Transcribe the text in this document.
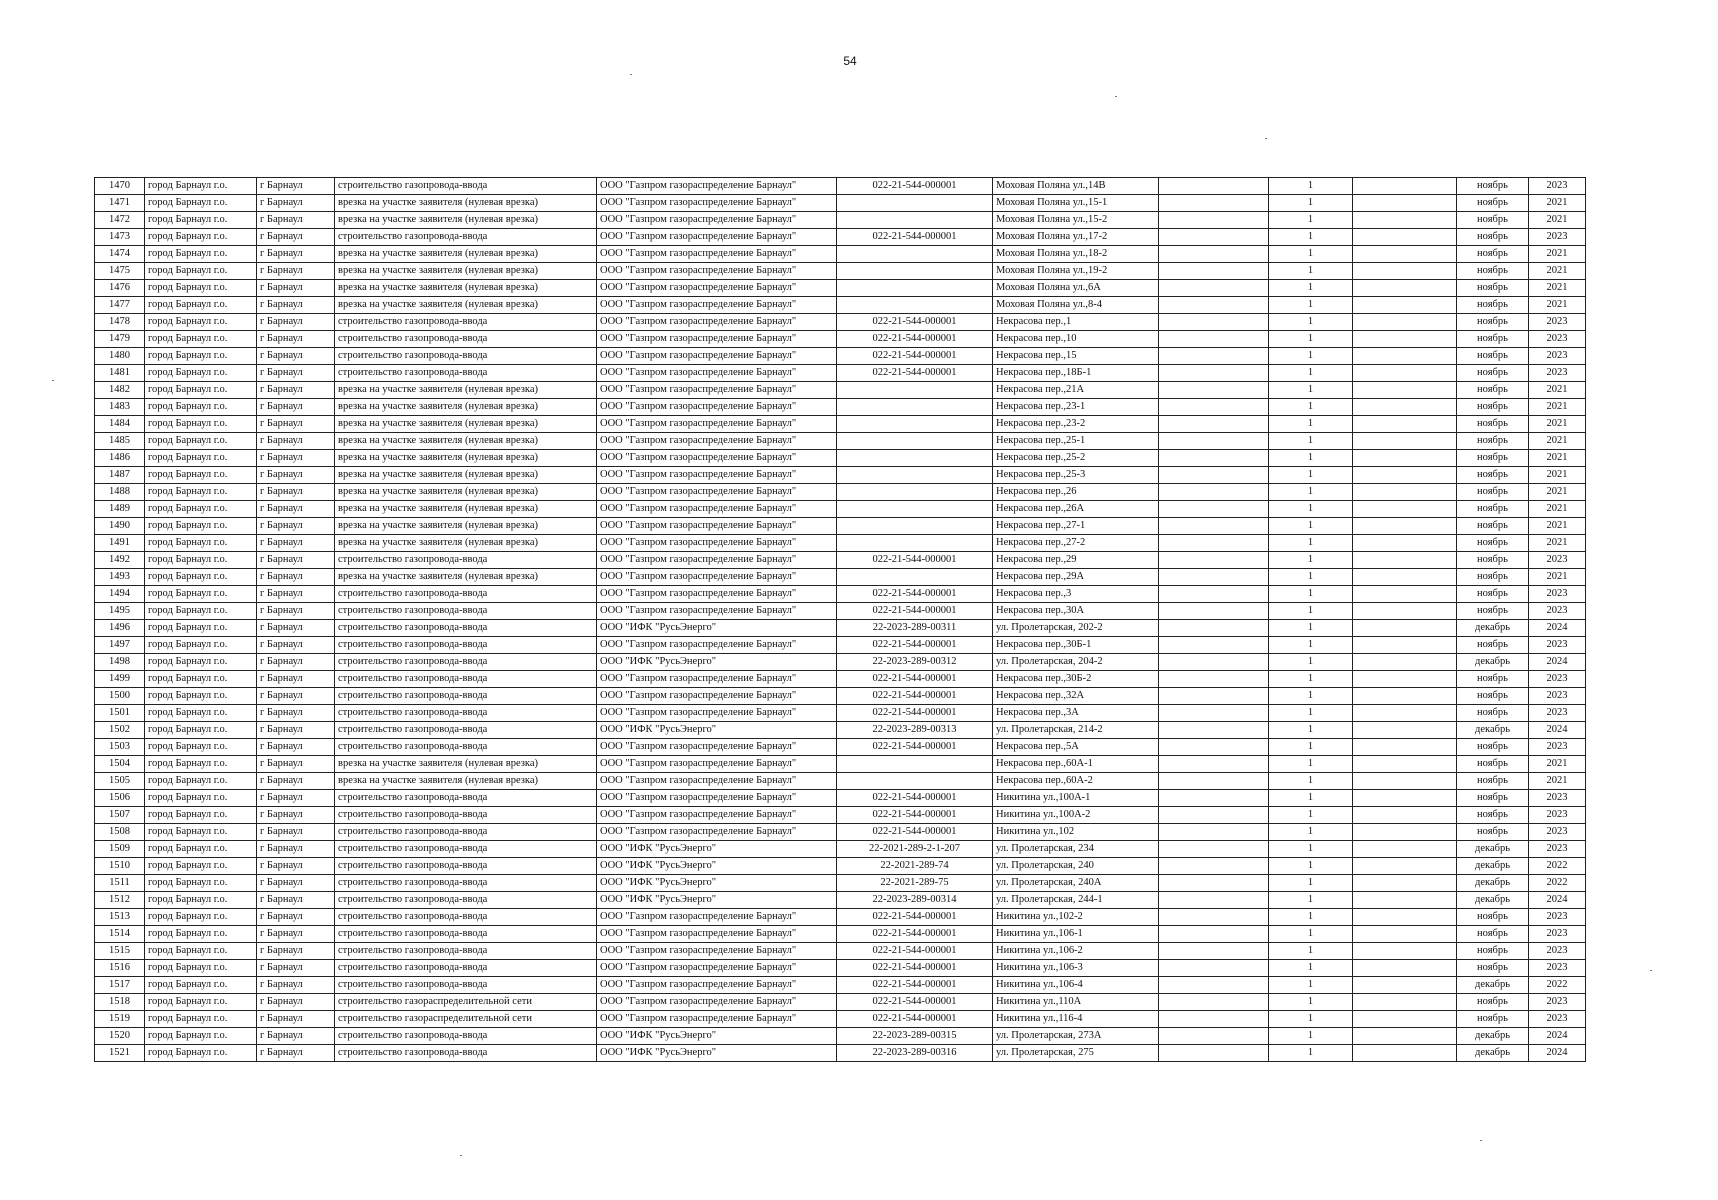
54
1470	город Барнаул г.о.	г Барнаул	строительство газопровода-ввода	ООО "Газпром газораспределение Барнаул"	022-21-544-000001	Моховая Поляна ул.,14В		1		ноябрь	2023
1471	город Барнаул г.о.	г Барнаул	врезка на участке заявителя (нулевая врезка)	ООО "Газпром газораспределение Барнаул"		Моховая Поляна ул.,15-1		1		ноябрь	2021
1472	город Барнаул г.о.	г Барнаул	врезка на участке заявителя (нулевая врезка)	ООО "Газпром газораспределение Барнаул"		Моховая Поляна ул.,15-2		1		ноябрь	2021
1473	город Барнаул г.о.	г Барнаул	строительство газопровода-ввода	ООО "Газпром газораспределение Барнаул"	022-21-544-000001	Моховая Поляна ул.,17-2		1		ноябрь	2023
1474	город Барнаул г.о.	г Барнаул	врезка на участке заявителя (нулевая врезка)	ООО "Газпром газораспределение Барнаул"		Моховая Поляна ул.,18-2		1		ноябрь	2021
1475	город Барнаул г.о.	г Барнаул	врезка на участке заявителя (нулевая врезка)	ООО "Газпром газораспределение Барнаул"		Моховая Поляна ул.,19-2		1		ноябрь	2021
1476	город Барнаул г.о.	г Барнаул	врезка на участке заявителя (нулевая врезка)	ООО "Газпром газораспределение Барнаул"		Моховая Поляна ул.,6А		1		ноябрь	2021
1477	город Барнаул г.о.	г Барнаул	врезка на участке заявителя (нулевая врезка)	ООО "Газпром газораспределение Барнаул"		Моховая Поляна ул.,8-4		1		ноябрь	2021
1478	город Барнаул г.о.	г Барнаул	строительство газопровода-ввода	ООО "Газпром газораспределение Барнаул"	022-21-544-000001	Некрасова пер.,1		1		ноябрь	2023
1479	город Барнаул г.о.	г Барнаул	строительство газопровода-ввода	ООО "Газпром газораспределение Барнаул"	022-21-544-000001	Некрасова пер.,10		1		ноябрь	2023
1480	город Барнаул г.о.	г Барнаул	строительство газопровода-ввода	ООО "Газпром газораспределение Барнаул"	022-21-544-000001	Некрасова пер.,15		1		ноябрь	2023
1481	город Барнаул г.о.	г Барнаул	строительство газопровода-ввода	ООО "Газпром газораспределение Барнаул"	022-21-544-000001	Некрасова пер.,18Б-1		1		ноябрь	2023
1482	город Барнаул г.о.	г Барнаул	врезка на участке заявителя (нулевая врезка)	ООО "Газпром газораспределение Барнаул"		Некрасова пер.,21А		1		ноябрь	2021
1483	город Барнаул г.о.	г Барнаул	врезка на участке заявителя (нулевая врезка)	ООО "Газпром газораспределение Барнаул"		Некрасова пер.,23-1		1		ноябрь	2021
1484	город Барнаул г.о.	г Барнаул	врезка на участке заявителя (нулевая врезка)	ООО "Газпром газораспределение Барнаул"		Некрасова пер.,23-2		1		ноябрь	2021
1485	город Барнаул г.о.	г Барнаул	врезка на участке заявителя (нулевая врезка)	ООО "Газпром газораспределение Барнаул"		Некрасова пер.,25-1		1		ноябрь	2021
1486	город Барнаул г.о.	г Барнаул	врезка на участке заявителя (нулевая врезка)	ООО "Газпром газораспределение Барнаул"		Некрасова пер.,25-2		1		ноябрь	2021
1487	город Барнаул г.о.	г Барнаул	врезка на участке заявителя (нулевая врезка)	ООО "Газпром газораспределение Барнаул"		Некрасова пер.,25-3		1		ноябрь	2021
1488	город Барнаул г.о.	г Барнаул	врезка на участке заявителя (нулевая врезка)	ООО "Газпром газораспределение Барнаул"		Некрасова пер.,26		1		ноябрь	2021
1489	город Барнаул г.о.	г Барнаул	врезка на участке заявителя (нулевая врезка)	ООО "Газпром газораспределение Барнаул"		Некрасова пер.,26А		1		ноябрь	2021
1490	город Барнаул г.о.	г Барнаул	врезка на участке заявителя (нулевая врезка)	ООО "Газпром газораспределение Барнаул"		Некрасова пер.,27-1		1		ноябрь	2021
1491	город Барнаул г.о.	г Барнаул	врезка на участке заявителя (нулевая врезка)	ООО "Газпром газораспределение Барнаул"		Некрасова пер.,27-2		1		ноябрь	2021
1492	город Барнаул г.о.	г Барнаул	строительство газопровода-ввода	ООО "Газпром газораспределение Барнаул"	022-21-544-000001	Некрасова пер.,29		1		ноябрь	2023
1493	город Барнаул г.о.	г Барнаул	врезка на участке заявителя (нулевая врезка)	ООО "Газпром газораспределение Барнаул"		Некрасова пер.,29А		1		ноябрь	2021
1494	город Барнаул г.о.	г Барнаул	строительство газопровода-ввода	ООО "Газпром газораспределение Барнаул"	022-21-544-000001	Некрасова пер.,3		1		ноябрь	2023
1495	город Барнаул г.о.	г Барнаул	строительство газопровода-ввода	ООО "Газпром газораспределение Барнаул"	022-21-544-000001	Некрасова пер.,30А		1		ноябрь	2023
1496	город Барнаул г.о.	г Барнаул	строительство газопровода-ввода	ООО "ИФК "РусьЭнерго"	22-2023-289-00311	ул. Пролетарская, 202-2		1		декабрь	2024
1497	город Барнаул г.о.	г Барнаул	строительство газопровода-ввода	ООО "Газпром газораспределение Барнаул"	022-21-544-000001	Некрасова пер.,30Б-1		1		ноябрь	2023
1498	город Барнаул г.о.	г Барнаул	строительство газопровода-ввода	ООО "ИФК "РусьЭнерго"	22-2023-289-00312	ул. Пролетарская, 204-2		1		декабрь	2024
1499	город Барнаул г.о.	г Барнаул	строительство газопровода-ввода	ООО "Газпром газораспределение Барнаул"	022-21-544-000001	Некрасова пер.,30Б-2		1		ноябрь	2023
1500	город Барнаул г.о.	г Барнаул	строительство газопровода-ввода	ООО "Газпром газораспределение Барнаул"	022-21-544-000001	Некрасова пер.,32А		1		ноябрь	2023
1501	город Барнаул г.о.	г Барнаул	строительство газопровода-ввода	ООО "Газпром газораспределение Барнаул"	022-21-544-000001	Некрасова пер.,3А		1		ноябрь	2023
1502	город Барнаул г.о.	г Барнаул	строительство газопровода-ввода	ООО "ИФК "РусьЭнерго"	22-2023-289-00313	ул. Пролетарская, 214-2		1		декабрь	2024
1503	город Барнаул г.о.	г Барнаул	строительство газопровода-ввода	ООО "Газпром газораспределение Барнаул"	022-21-544-000001	Некрасова пер.,5А		1		ноябрь	2023
1504	город Барнаул г.о.	г Барнаул	врезка на участке заявителя (нулевая врезка)	ООО "Газпром газораспределение Барнаул"		Некрасова пер.,60А-1		1		ноябрь	2021
1505	город Барнаул г.о.	г Барнаул	врезка на участке заявителя (нулевая врезка)	ООО "Газпром газораспределение Барнаул"		Некрасова пер.,60А-2		1		ноябрь	2021
1506	город Барнаул г.о.	г Барнаул	строительство газопровода-ввода	ООО "Газпром газораспределение Барнаул"	022-21-544-000001	Никитина ул.,100А-1		1		ноябрь	2023
1507	город Барнаул г.о.	г Барнаул	строительство газопровода-ввода	ООО "Газпром газораспределение Барнаул"	022-21-544-000001	Никитина ул.,100А-2		1		ноябрь	2023
1508	город Барнаул г.о.	г Барнаул	строительство газопровода-ввода	ООО "Газпром газораспределение Барнаул"	022-21-544-000001	Никитина ул.,102		1		ноябрь	2023
1509	город Барнаул г.о.	г Барнаул	строительство газопровода-ввода	ООО "ИФК "РусьЭнерго"	22-2021-289-2-1-207	ул. Пролетарская, 234		1		декабрь	2023
1510	город Барнаул г.о.	г Барнаул	строительство газопровода-ввода	ООО "ИФК "РусьЭнерго"	22-2021-289-74	ул. Пролетарская, 240		1		декабрь	2022
1511	город Барнаул г.о.	г Барнаул	строительство газопровода-ввода	ООО "ИФК "РусьЭнерго"	22-2021-289-75	ул. Пролетарская, 240А		1		декабрь	2022
1512	город Барнаул г.о.	г Барнаул	строительство газопровода-ввода	ООО "ИФК "РусьЭнерго"	22-2023-289-00314	ул. Пролетарская, 244-1		1		декабрь	2024
1513	город Барнаул г.о.	г Барнаул	строительство газопровода-ввода	ООО "Газпром газораспределение Барнаул"	022-21-544-000001	Никитина ул.,102-2		1		ноябрь	2023
1514	город Барнаул г.о.	г Барнаул	строительство газопровода-ввода	ООО "Газпром газораспределение Барнаул"	022-21-544-000001	Никитина ул.,106-1		1		ноябрь	2023
1515	город Барнаул г.о.	г Барнаул	строительство газопровода-ввода	ООО "Газпром газораспределение Барнаул"	022-21-544-000001	Никитина ул.,106-2		1		ноябрь	2023
1516	город Барнаул г.о.	г Барнаул	строительство газопровода-ввода	ООО "Газпром газораспределение Барнаул"	022-21-544-000001	Никитина ул.,106-3		1		ноябрь	2023
1517	город Барнаул г.о.	г Барнаул	строительство газопровода-ввода	ООО "Газпром газораспределение Барнаул"	022-21-544-000001	Никитина ул.,106-4		1		декабрь	2022
1518	город Барнаул г.о.	г Барнаул	строительство газораспределительной сети	ООО "Газпром газораспределение Барнаул"	022-21-544-000001	Никитина ул.,110А		1		ноябрь	2023
1519	город Барнаул г.о.	г Барнаул	строительство газораспределительной сети	ООО "Газпром газораспределение Барнаул"	022-21-544-000001	Никитина ул.,116-4		1		ноябрь	2023
1520	город Барнаул г.о.	г Барнаул	строительство газопровода-ввода	ООО "ИФК "РусьЭнерго"	22-2023-289-00315	ул. Пролетарская, 273А		1		декабрь	2024
1521	город Барнаул г.о.	г Барнаул	строительство газопровода-ввода	ООО "ИФК "РусьЭнерго"	22-2023-289-00316	ул. Пролетарская, 275		1		декабрь	2024
